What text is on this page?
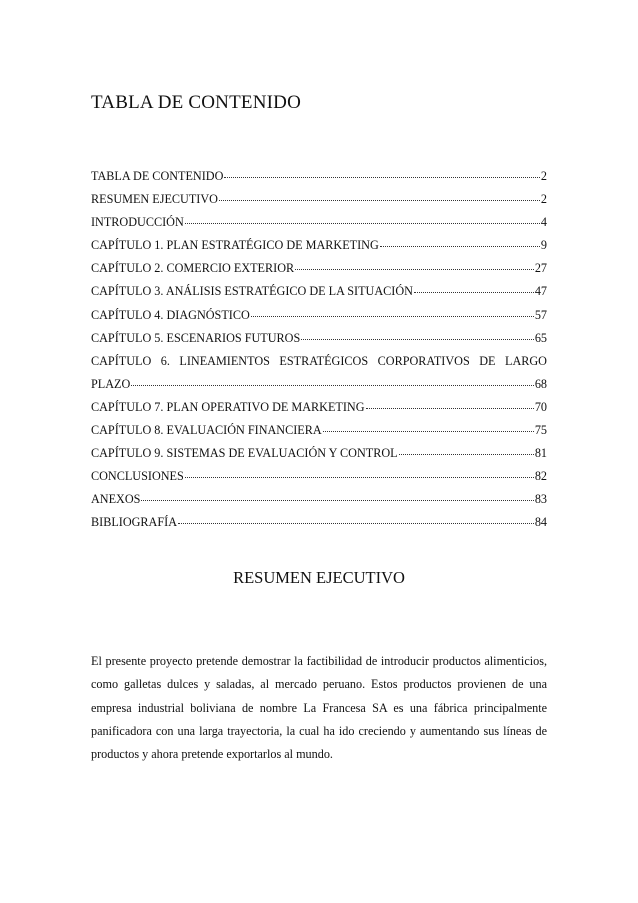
TABLA DE CONTENIDO
TABLA DE CONTENIDO	2
RESUMEN EJECUTIVO	2
INTRODUCCIÓN	4
CAPÍTULO 1. PLAN ESTRATÉGICO DE MARKETING	9
CAPÍTULO 2. COMERCIO EXTERIOR	27
CAPÍTULO 3. ANÁLISIS ESTRATÉGICO DE LA SITUACIÓN	47
CAPÍTULO 4. DIAGNÓSTICO	57
CAPÍTULO 5. ESCENARIOS FUTUROS	65
CAPÍTULO 6. LINEAMIENTOS ESTRATÉGICOS CORPORATIVOS DE LARGO
PLAZO	68
CAPÍTULO 7. PLAN OPERATIVO DE MARKETING	70
CAPÍTULO 8. EVALUACIÓN FINANCIERA	75
CAPÍTULO 9. SISTEMAS DE EVALUACIÓN Y CONTROL	81
CONCLUSIONES	82
ANEXOS	83
BIBLIOGRAFÍA	84
RESUMEN EJECUTIVO

El presente proyecto pretende demostrar la factibilidad de introducir productos alimenticios, como galletas dulces y saladas, al mercado peruano. Estos productos provienen de una empresa industrial boliviana de nombre La Francesa SA es una fábrica principalmente panificadora con una larga trayectoria, la cual ha ido creciendo y aumentando sus líneas de productos y ahora pretende exportarlos al mundo.
